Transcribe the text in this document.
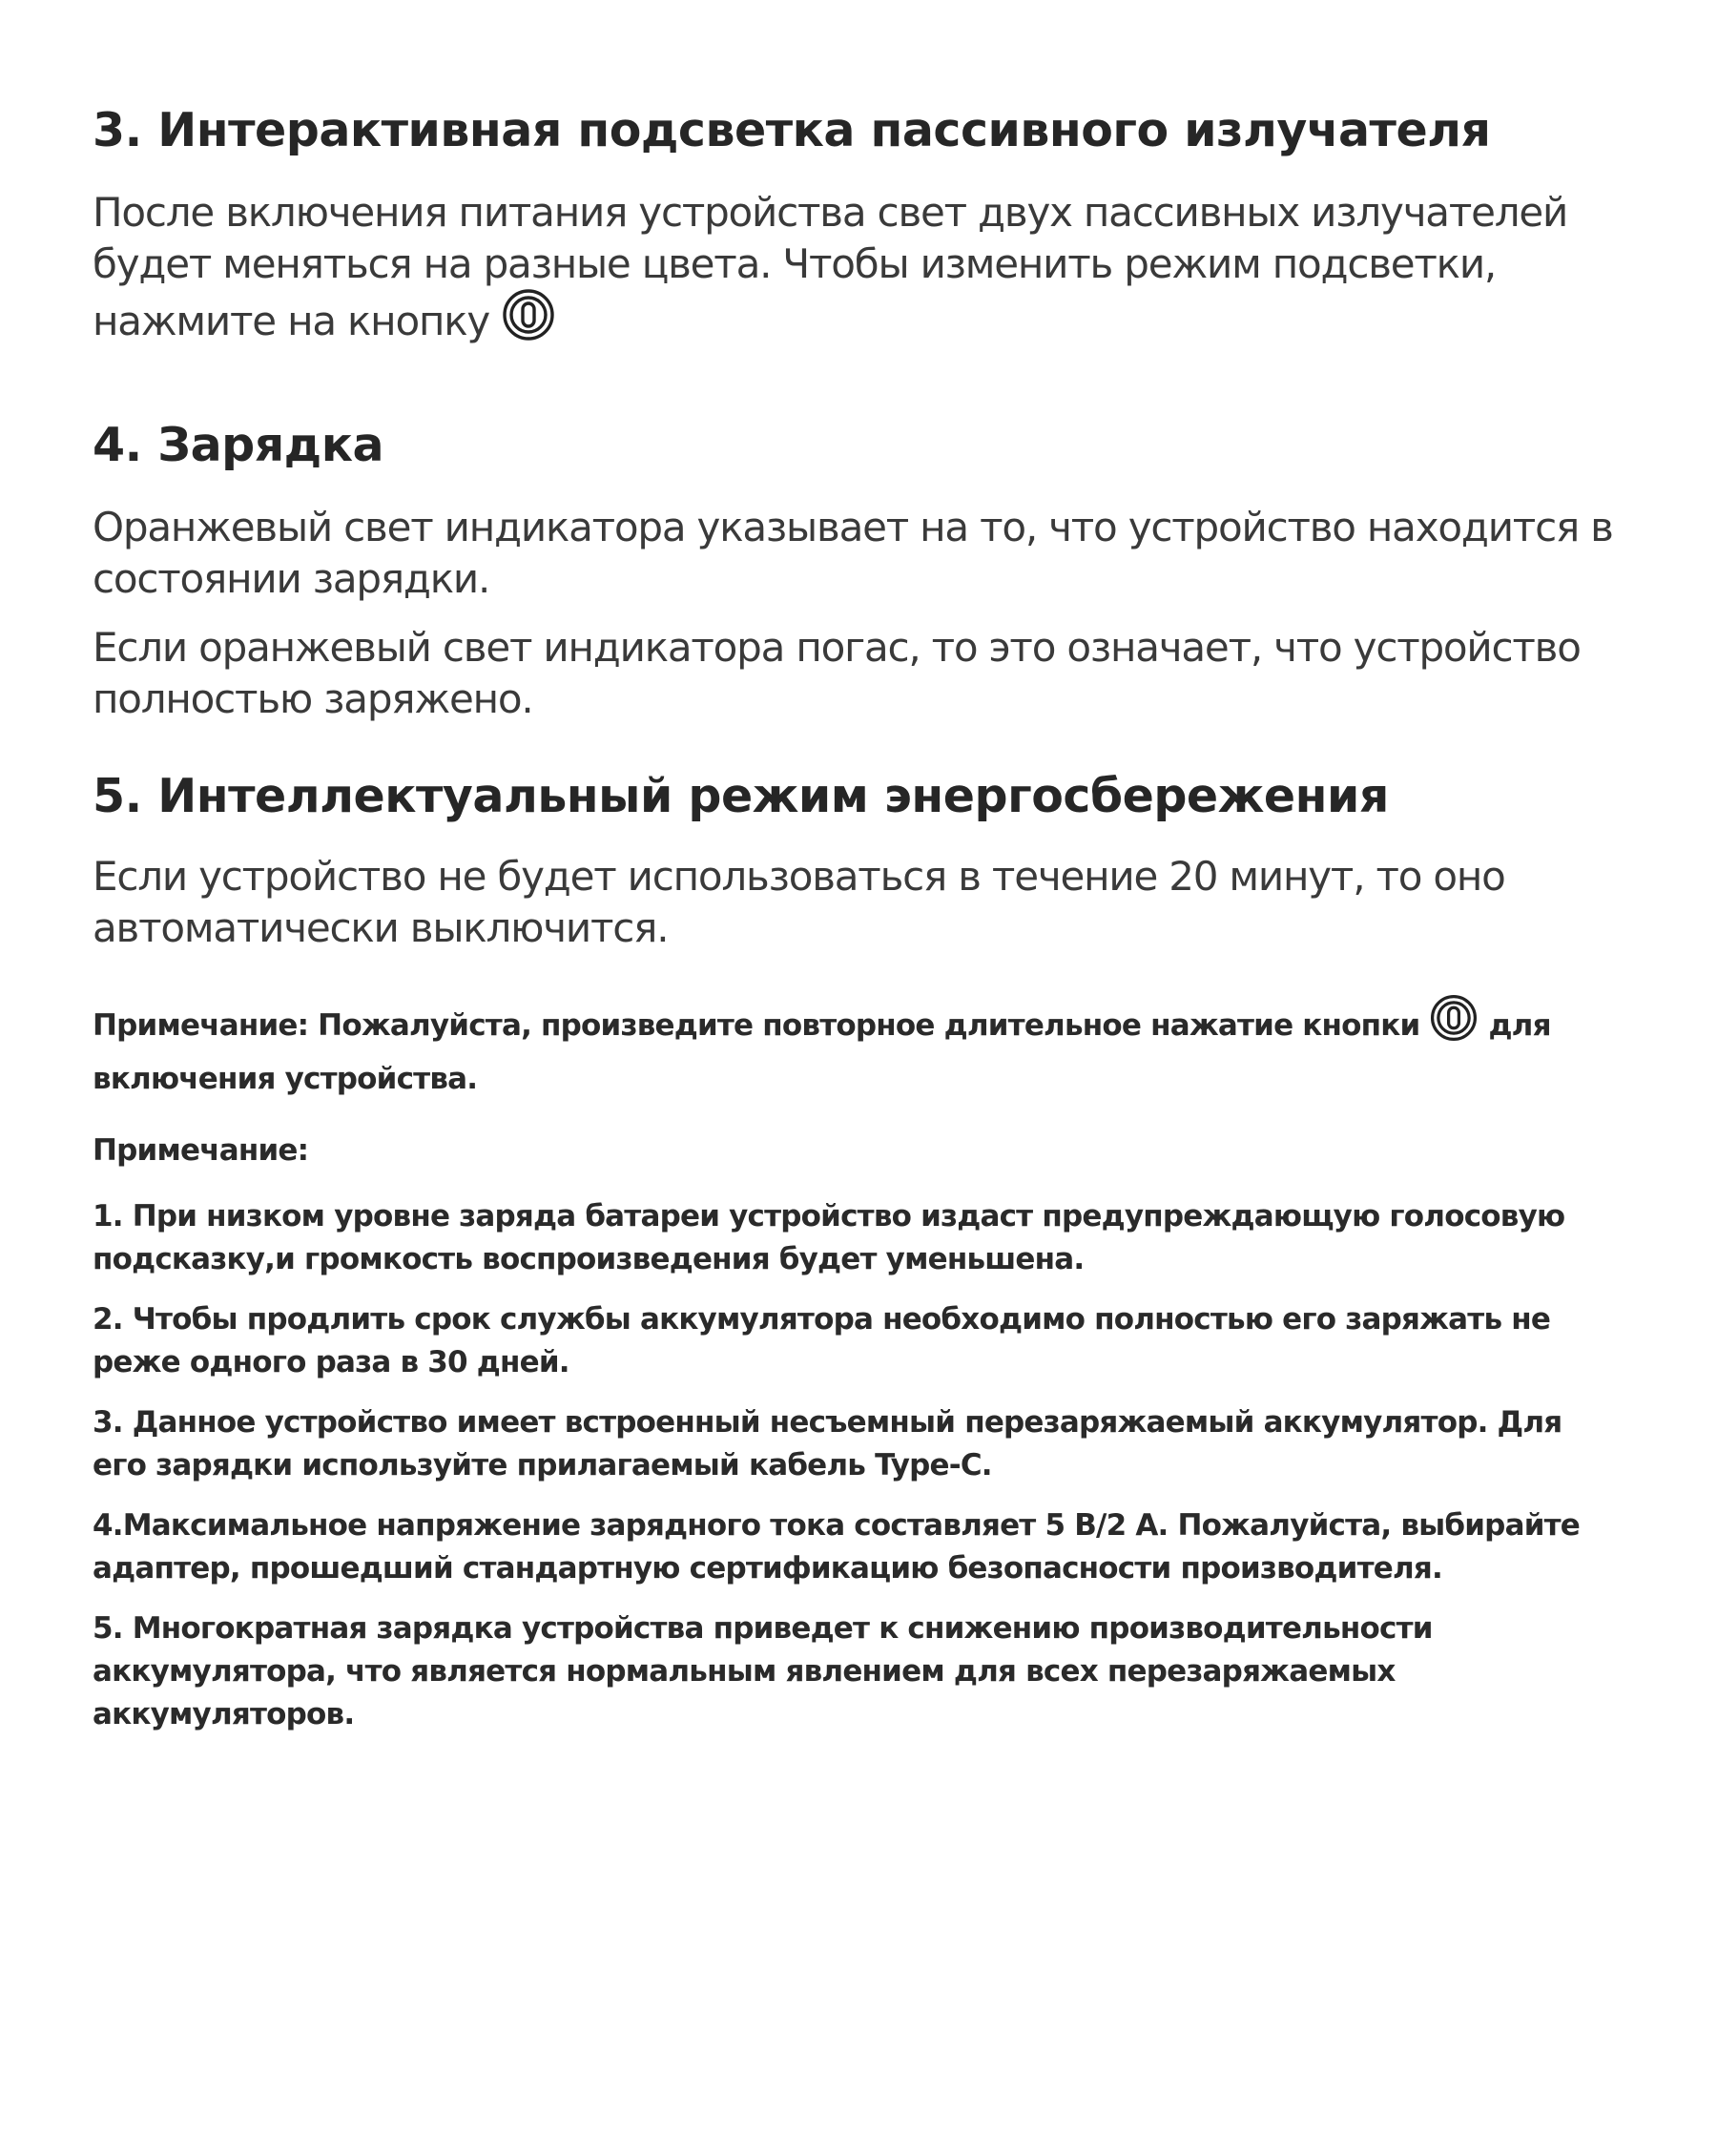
3. Интерактивная подсветка пассивного излучателя

После включения питания устройства свет двух пассивных излучателей
будет меняться на разные цвета. Чтобы изменить режим подсветки,
нажмите на кнопку

4. Зарядка

Оранжевый свет индикатора указывает на то, что устройство находится в
состоянии зарядки.

Если оранжевый свет индикатора погас, то это означает, что устройство
полностью заряжено.

5. Интеллектуальный режим энергосбережения

Если устройство не будет использоваться в течение 20 минут, то оно
автоматически выключится.

Примечание: Пожалуйста, произведите повторное длительное нажатие кнопки для
включения устройства.

Примечание:

1. При низком уровне заряда батареи устройство издаст предупреждающую голосовую
подсказку,и громкость воспроизведения будет уменьшена.

2. Чтобы продлить срок службы аккумулятора необходимо полностью его заряжать не
реже одного раза в 30 дней.

3. Данное устройство имеет встроенный несъемный перезаряжаемый аккумулятор. Для
его зарядки используйте прилагаемый кабель Type-C.

4.Максимальное напряжение зарядного тока составляет 5 В/2 А. Пожалуйста, выбирайте
адаптер, прошедший стандартную сертификацию безопасности производителя.

5. Многократная зарядка устройства приведет к снижению производительности
аккумулятора, что является нормальным явлением для всех перезаряжаемых
аккумуляторов.
